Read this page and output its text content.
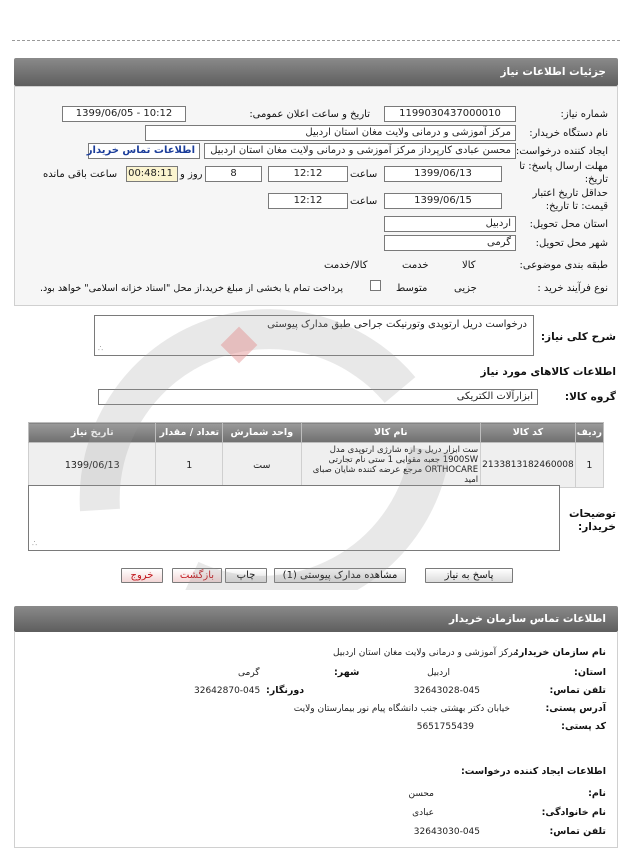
جزئیات اطلاعات نیاز
شماره نیاز:
1199030437000010
تاریخ و ساعت اعلان عمومی:
1399/06/05 - 10:12
نام دستگاه خریدار:
مرکز آموزشی و درمانی ولایت مغان استان اردبیل
ایجاد کننده درخواست:
محسن عبادی کارپرداز مرکز آموزشی و درمانی ولایت مغان استان اردبیل
اطلاعات تماس خریدار
مهلت ارسال پاسخ: تا تاریخ:
1399/06/13
ساعت
12:12
8
روز و
00:48:11
ساعت باقی مانده
حداقل تاریخ اعتبار قیمت: تا تاریخ:
1399/06/15
ساعت
12:12
استان محل تحویل:
اردبیل
شهر محل تحویل:
گرمی
طبقه بندی موضوعی:

کالا

خدمت

کالا/خدمت
نوع فرآیند خرید :

جزیی
متوسط
پرداخت تمام یا بخشی از مبلغ خرید،از محل "اسناد خزانه اسلامی" خواهد بود.
شرح کلی نیاز:
درخواست دریل ارتوپدی وتورنیکت جراحی طبق مدارک پیوستی
∴
اطلاعات کالاهای مورد نیاز
گروه کالا:
ابزارآلات الکتریکی
ردیف	کد کالا	نام کالا	واحد شمارش	تعداد / مقدار	تاریخ نیاز
1	2133813182460008	ست ابزار دریل و اره شارژی ارتوپدی مدل 1900SW جعبه مقوایی 1 ستی نام تجارتی ORTHOCARE مرجع عرضه کننده شایان صبای امید	ست	1	1399/06/13
توضیحات خریدار:
∴
پاسخ به نیاز
مشاهده مدارک پیوستی (1)
چاپ
بازگشت
خروج
اطلاعات تماس سازمان خریدار
نام سازمان خریدار:
مرکز آموزشی و درمانی ولایت مغان استان اردبیل
استان:
اردبیل
شهر:
گرمی
تلفن تماس:
32643028-045
دورنگار:
32642870-045
آدرس پستی:
خیابان دکتر بهشتی جنب دانشگاه پیام نور بیمارستان ولایت
کد پستی:
5651755439
اطلاعات ایجاد کننده درخواست:
نام:
محسن
نام خانوادگی:
عبادی
تلفن تماس:
32643030-045
